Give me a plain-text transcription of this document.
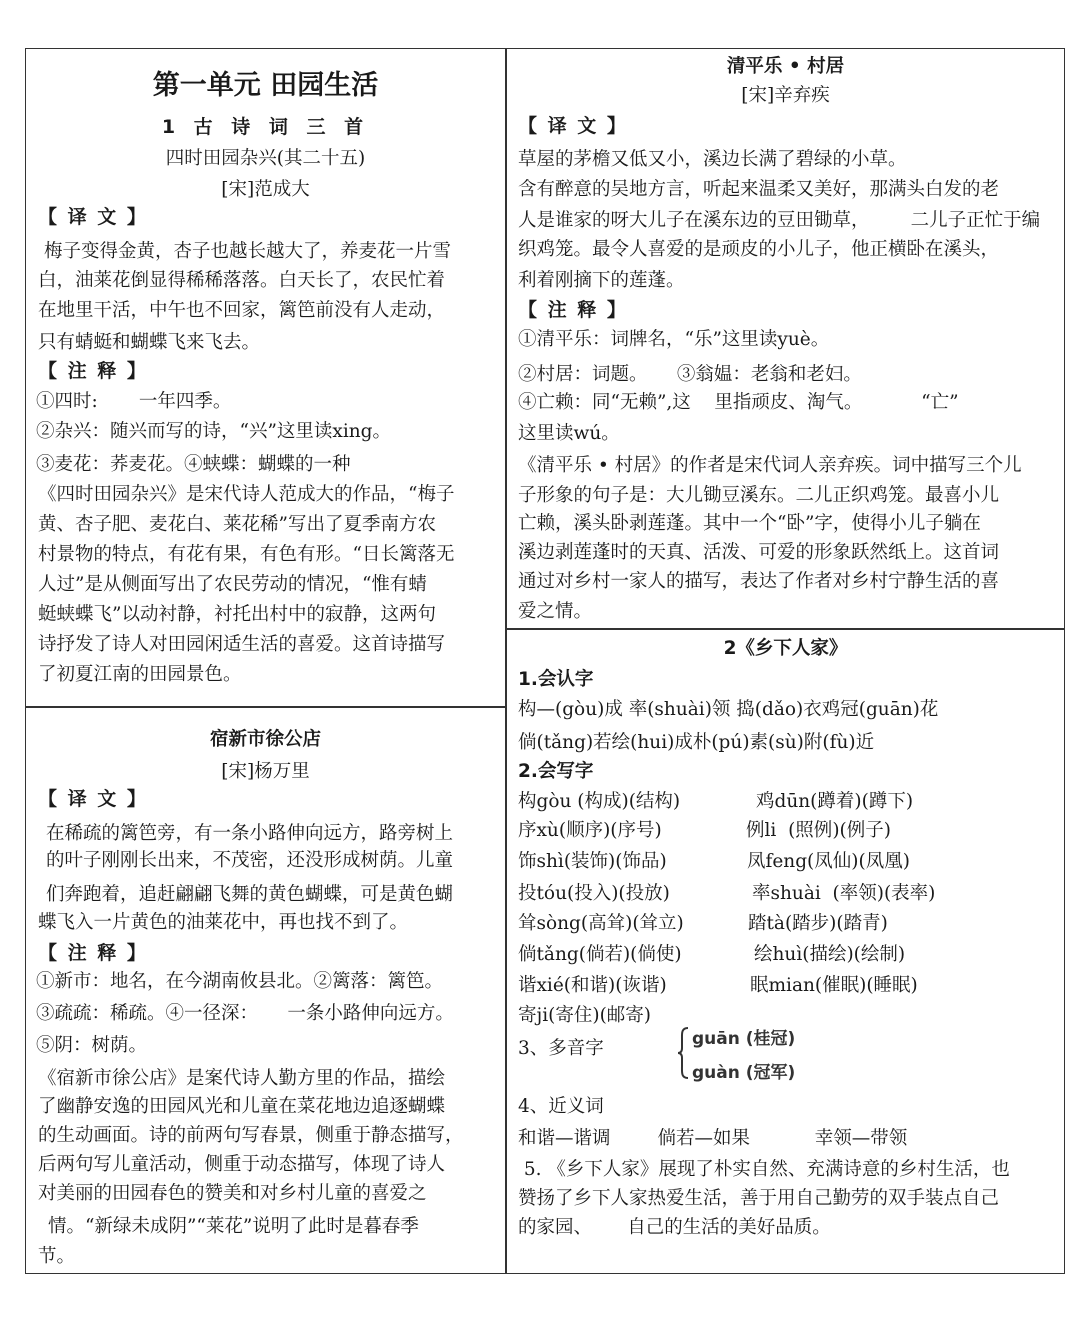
第一单元 田园生活
1 古 诗 词 三 首
四时田园杂兴(其二十五)
[宋]范成大
【 译 文 】
梅子变得金黄，杏子也越长越大了，养麦花一片雪
白，油莱花倒显得稀稀落落。白天长了，农民忙着
在地里干活，中午也不回家，篱笆前没有人走动，
只有蜻蜓和蝴蝶飞来飞去。
【 注 释 】
①四时:       一年四季。
②杂兴：随兴而写的诗，“兴”这里读xing。
③麦花：荞麦花。④蛱蝶：蝴蝶的一种
《四时田园杂兴》是宋代诗人范成大的作品，“梅子
黄、杏子肥、麦花白、莱花稀”写出了夏季南方农
村景物的特点，有花有果，有色有形。“日长篱落无
人过”是从侧面写出了农民劳动的情况，“惟有蜻
蜓蛱蝶飞”以动衬静，衬托出村中的寂静，这两句
诗抒发了诗人对田园闲适生活的喜爱。这首诗描写
了初夏江南的田园景色。
宿新市徐公店
[宋]杨万里
【 译 文 】
在稀疏的篱笆旁，有一条小路伸向远方，路旁树上
的叶子刚刚长出来，不茂密，还没形成树荫。儿童
们奔跑着，追赶翩翩飞舞的黄色蝴蝶，可是黄色蝴
蝶飞入一片黄色的油莱花中，再也找不到了。
【 注 释 】
①新市：地名，在今湖南攸县北。②篱落：篱笆。
③疏疏：稀疏。④一径深：     一条小路伸向远方。
⑤阴：树荫。
《宿新市徐公店》是案代诗人勤方里的作品，描绘
了幽静安逸的田园风光和儿童在菜花地边追逐蝴蝶
的生动画面。诗的前两句写春景，侧重于静态描写，
后两句写儿童活动，侧重于动态描写，体现了诗人
对美丽的田园春色的赞美和对乡村儿童的喜爱之
情。“新绿未成阴”“莱花”说明了此时是暮春季
节。
清平乐 • 村居
[宋]辛弃疾
【 译 文 】
草屋的茅檐又低又小，溪边长满了碧绿的小草。
含有醉意的吴地方言，听起来温柔又美好，那满头白发的老
人是谁家的呀大儿子在溪东边的豆田锄草，       二儿子正忙于编
织鸡笼。最令人喜爱的是顽皮的小儿子，他正横卧在溪头，
利着刚摘下的莲蓬。
【 注 释 】
①清平乐：词牌名，“乐”这里读yuè。
②村居：词题。     ③翁媪：老翁和老妇。
④亡赖：同“无赖”,这    里指顽皮、淘气。          “亡”
这里读wú。
《清平乐 • 村居》的作者是宋代词人亲弃疾。词中描写三个儿
子形象的句子是：大儿锄豆溪东。二儿正织鸡笼。最喜小儿
亡赖，溪头卧剥莲蓬。其中一个“卧”字，使得小儿子躺在
溪边剥莲蓬时的天真、活泼、可爱的形象跃然纸上。这首词
通过对乡村一家人的描写，表达了作者对乡村宁静生活的喜
爱之情。
2《乡下人家》
1.会认字
构—(gòu)成 率(shuài)领 捣(dǎo)衣鸡冠(guān)花
倘(tǎng)若绘(hui)成朴(pú)素(sù)附(fù)近
2.会写字
构gòu (构成)(结构)	鸡dūn(蹲着)(蹲下)
序xù(顺序)(序号)	例li  (照例)(例子)
饰shì(装饰)(饰品)	凤feng(凤仙)(凤凰)
投tóu(投入)(投放)	率shuài  (率领)(表率)
耸sòng(高耸)(耸立)	踏tà(踏步)(踏青)
倘tǎng(倘若)(倘使)	绘huì(描绘)(绘制)
谐xié(和谐)(诙谐)	眠mian(催眠)(睡眠)
寄ji(寄住)(邮寄)
3、多音字	guān (桂冠)
guàn (冠军)
4、近义词
和谐—谐调        倘若—如果           幸领—带领
5. 《乡下人家》展现了朴实自然、充满诗意的乡村生活，也
赞扬了乡下人家热爱生活，善于用自己勤劳的双手装点自己
的家园、      自己的生活的美好品质。
